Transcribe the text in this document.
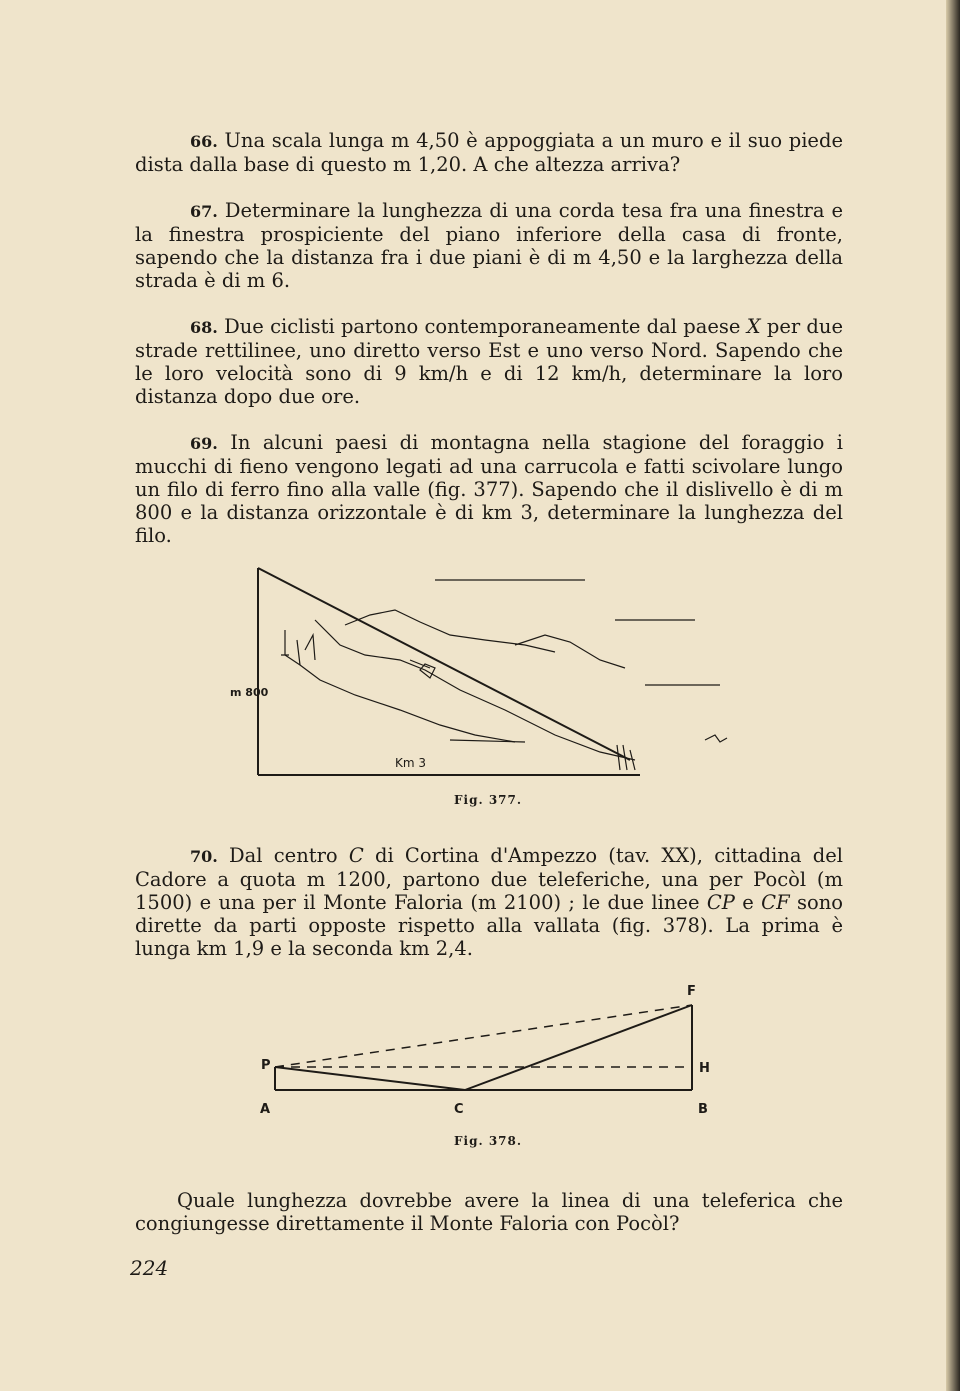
66. Una scala lunga m 4,50 è appoggiata a un muro e il suo piede dista dalla base di questo m 1,20. A che altezza arriva?
67. Determinare la lunghezza di una corda tesa fra una finestra e la finestra prospiciente del piano inferiore della casa di fronte, sapendo che la distanza fra i due piani è di m 4,50 e la larghezza della strada è di m 6.
68. Due ciclisti partono contemporaneamente dal paese X per due strade rettilinee, uno diretto verso Est e uno verso Nord. Sapendo che le loro velocità sono di 9 km/h e di 12 km/h, determinare la loro distanza dopo due ore.
69. In alcuni paesi di montagna nella stagione del foraggio i mucchi di fieno vengono legati ad una carrucola e fatti scivolare lungo un filo di ferro fino alla valle (fig. 377). Sapendo che il dislivello è di m 800 e la distanza orizzontale è di km 3, determinare la lunghezza del filo.
m 800
Km 3
Fig. 377.
70. Dal centro C di Cortina d'Ampezzo (tav. XX), cittadina del Cadore a quota m 1200, partono due teleferiche, una per Pocòl (m 1500) e una per il Monte Faloria (m 2100) ; le due linee CP e CF sono dirette da parti opposte rispetto alla vallata (fig. 378). La prima è lunga km 1,9 e la seconda km 2,4.
P
F
H
A	C	B
Fig. 378.
Quale lunghezza dovrebbe avere la linea di una teleferica che congiungesse direttamente il Monte Faloria con Pocòl?
224
